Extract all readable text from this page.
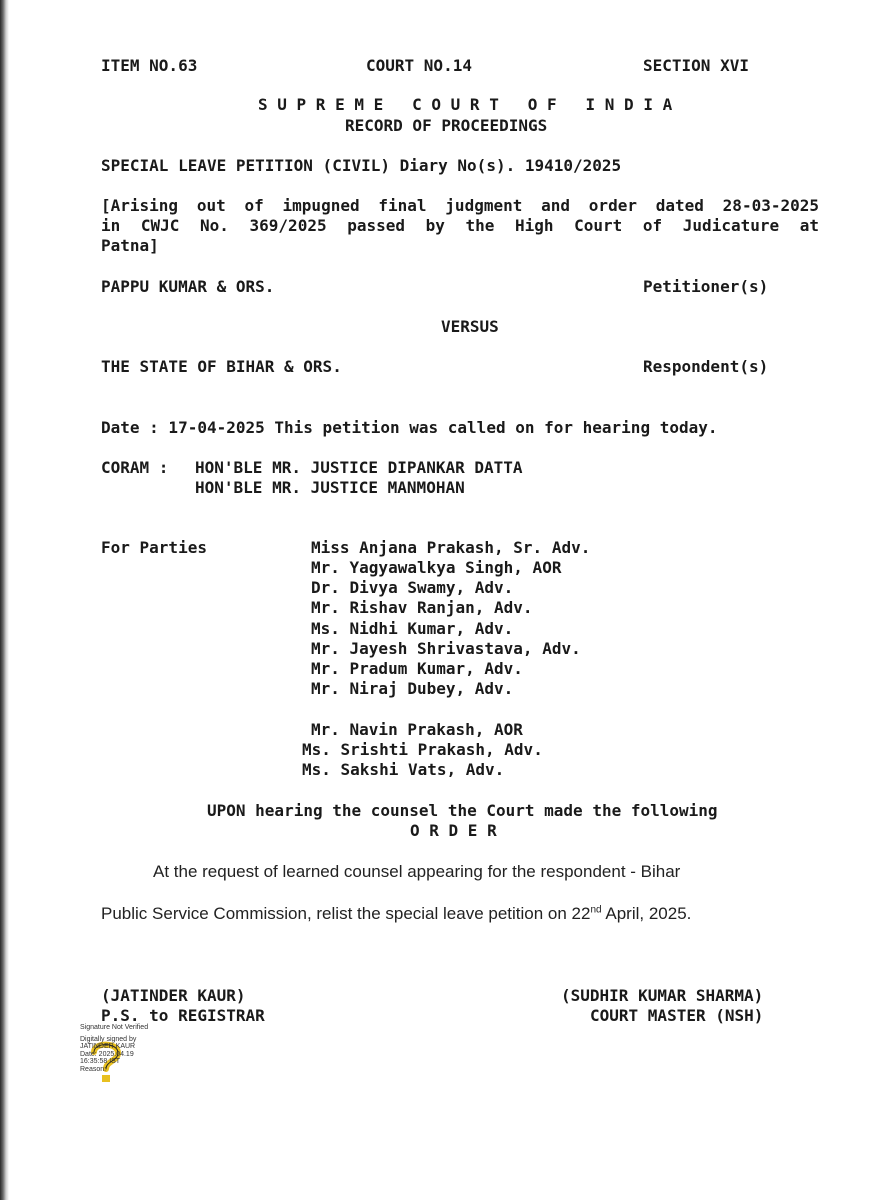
ITEM NO.63	COURT NO.14	SECTION XVI
S U P R E M E   C O U R T   O F   I N D I A
RECORD OF PROCEEDINGS
SPECIAL LEAVE PETITION (CIVIL) Diary No(s). 19410/2025
[Arising out of impugned final judgment and order dated 28-03-2025
in CWJC No. 369/2025 passed by the High Court of Judicature at
Patna]
PAPPU KUMAR & ORS.	Petitioner(s)
VERSUS
THE STATE OF BIHAR & ORS.	Respondent(s)
Date : 17-04-2025 This petition was called on for hearing today.
CORAM : HON'BLE MR. JUSTICE DIPANKAR DATTA
HON'BLE MR. JUSTICE MANMOHAN
For Parties	Miss Anjana Prakash, Sr. Adv.
Mr. Yagyawalkya Singh, AOR
Dr. Divya Swamy, Adv.
Mr. Rishav Ranjan, Adv.
Ms. Nidhi Kumar, Adv.
Mr. Jayesh Shrivastava, Adv.
Mr. Pradum Kumar, Adv.
Mr. Niraj Dubey, Adv.
Mr. Navin Prakash, AOR
Ms. Srishti Prakash, Adv.
Ms. Sakshi Vats, Adv.
UPON hearing the counsel the Court made the following
O R D E R
At the request of learned counsel appearing for the respondent - Bihar
Public Service Commission, relist the special leave petition on 22nd April, 2025.
(JATINDER KAUR)
P.S. to REGISTRAR
(SUDHIR KUMAR SHARMA)
COURT MASTER (NSH)
Signature Not Verified
Digitally signed by
JATINDER KAUR
Date: 2025.04.19
16:35:58 IST
Reason:
